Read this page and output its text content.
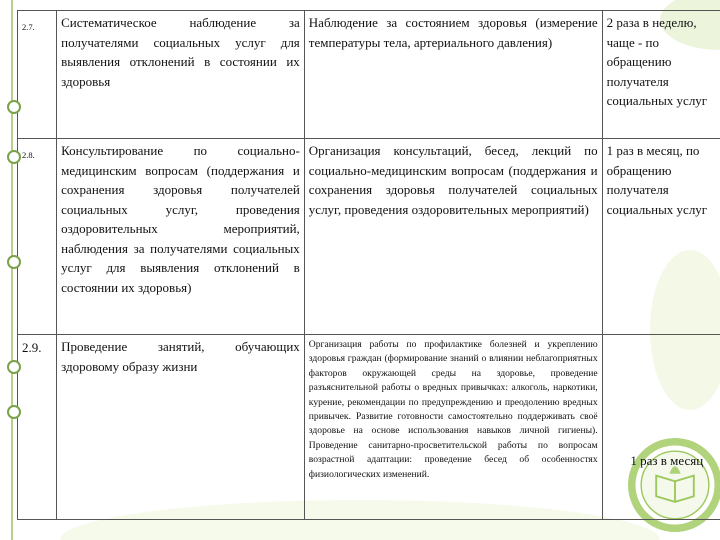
2.7.	Систематическое наблюдение за получателями социальных услуг для выявления отклонений в состоянии их здоровья	Наблюдение за состоянием здоровья (измерение температуры тела, артериального давления)	2 раза в неделю, чаще - по обращению получателя социальных услуг
2.8.	Консультирование по социально-медицинским вопросам (поддержания и сохранения здоровья получателей социальных услуг, проведения оздоровительных мероприятий, наблюдения за получателями социальных услуг для выявления отклонений в состоянии их здоровья)	Организация консультаций, бесед, лекций по социально-медицинским вопросам (поддержания и сохранения здоровья получателей социальных услуг, проведения оздоровительных мероприятий)	1 раз в месяц, по обращению получателя социальных услуг
2.9.	Проведение занятий, обучающих здоровому образу жизни	Организация работы по профилактике болезней и укреплению здоровья граждан (формирование знаний о влиянии неблагоприятных факторов окружающей среды на здоровье, проведение разъяснительной работы о вредных привычках: алкоголь, наркотики, курение, рекомендации по предупреждению и преодолению вредных привычек. Развитие готовности самостоятельно поддерживать своё здоровье на основе использования навыков личной гигиены). Проведение санитарно-просветительской работы по вопросам возрастной адаптации: проведение бесед об особенностях физиологических изменений.	1 раз в месяц
